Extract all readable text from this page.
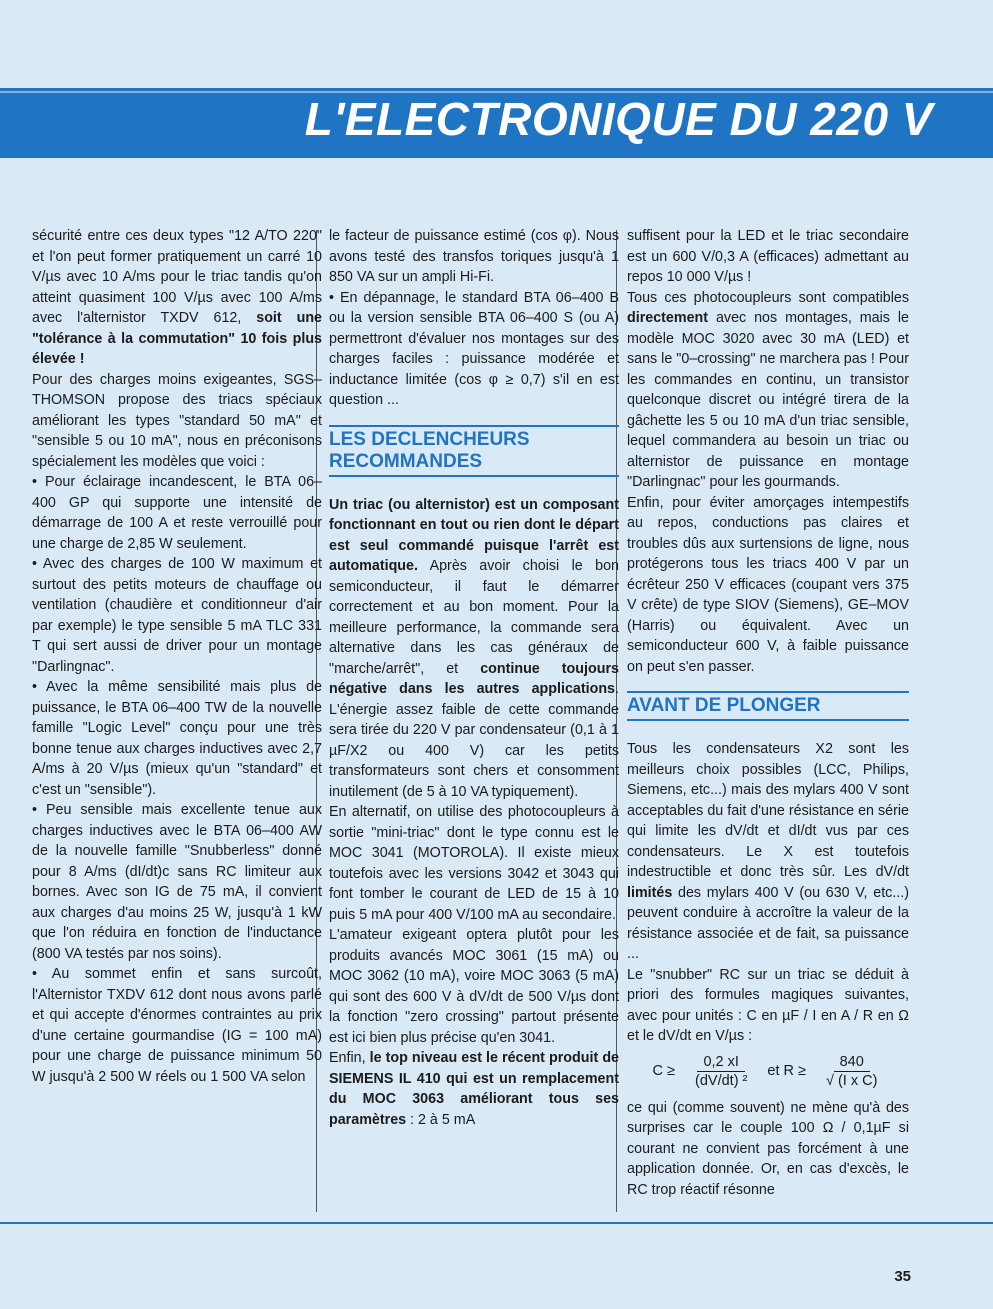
L'ELECTRONIQUE DU 220 V

sécurité entre ces deux types "12 A/TO 220" et l'on peut former pratiquement un carré 10 V/µs avec 10 A/ms pour le triac tandis qu'on atteint quasiment 100 V/µs avec 100 A/ms avec l'alternistor TXDV 612, soit une "tolérance à la commutation" 10 fois plus élevée !

Pour des charges moins exigeantes, SGS–THOMSON propose des triacs spéciaux améliorant les types "standard 50 mA" et "sensible 5 ou 10 mA", nous en préconisons spécialement les modèles que voici :

• Pour éclairage incandescent, le BTA 06–400 GP qui supporte une intensité de démarrage de 100 A et reste verrouillé pour une charge de 2,85 W seulement.

• Avec des charges de 100 W maximum et surtout des petits moteurs de chauffage ou ventilation (chaudière et conditionneur d'air par exemple) le type sensible 5 mA TLC 331 T qui sert aussi de driver pour un montage "Darlingnac".

• Avec la même sensibilité mais plus de puissance, le BTA 06–400 TW de la nouvelle famille "Logic Level" conçu pour une très bonne tenue aux charges inductives avec 2,7 A/ms à 20 V/µs (mieux qu'un "standard" et c'est un "sensible").

• Peu sensible mais excellente tenue aux charges inductives avec le BTA 06–400 AW de la nouvelle famille "Snubberless" donné pour 8 A/ms (dI/dt)c sans RC limiteur aux bornes. Avec son IG de 75 mA, il convient aux charges d'au moins 25 W, jusqu'à 1 kW que l'on réduira en fonction de l'inductance (800 VA testés par nos soins).

• Au sommet enfin et sans surcoût, l'Alternistor TXDV 612 dont nous avons parlé et qui accepte d'énormes contraintes au prix d'une certaine gourmandise (IG = 100 mA) pour une charge de puissance minimum 50 W jusqu'à 2 500 W réels ou 1 500 VA selon

le facteur de puissance estimé (cos φ). Nous avons testé des transfos toriques jusqu'à 1 850 VA sur un ampli Hi-Fi.

• En dépannage, le standard BTA 06–400 B ou la version sensible BTA 06–400 S (ou A) permettront d'évaluer nos montages sur des charges faciles : puissance modérée et inductance limitée (cos φ ≥ 0,7) s'il en est question ...

LES DECLENCHEURS RECOMMANDES

Un triac (ou alternistor) est un composant fonctionnant en tout ou rien dont le départ est seul commandé puisque l'arrêt est automatique. Après avoir choisi le bon semiconducteur, il faut le démarrer correctement et au bon moment. Pour la meilleure performance, la commande sera alternative dans les cas généraux de "marche/arrêt", et continue toujours négative dans les autres applications. L'énergie assez faible de cette commande sera tirée du 220 V par condensateur (0,1 à 1 µF/X2 ou 400 V) car les petits transformateurs sont chers et consomment inutilement (de 5 à 10 VA typiquement).

En alternatif, on utilise des photocoupleurs à sortie "mini-triac" dont le type connu est le MOC 3041 (MOTOROLA). Il existe mieux toutefois avec les versions 3042 et 3043 qui font tomber le courant de LED de 15 à 10 puis 5 mA pour 400 V/100 mA au secondaire.

L'amateur exigeant optera plutôt pour les produits avancés MOC 3061 (15 mA) ou MOC 3062 (10 mA), voire MOC 3063 (5 mA) qui sont des 600 V à dV/dt de 500 V/µs dont la fonction "zero crossing" partout présente est ici bien plus précise qu'en 3041.

Enfin, le top niveau est le récent produit de SIEMENS IL 410 qui est un remplacement du MOC 3063 améliorant tous ses paramètres : 2 à 5 mA

suffisent pour la LED et le triac secondaire est un 600 V/0,3 A (efficaces) admettant au repos 10 000 V/µs !

Tous ces photocoupleurs sont compatibles directement avec nos montages, mais le modèle MOC 3020 avec 30 mA (LED) et sans le "0–crossing" ne marchera pas ! Pour les commandes en continu, un transistor quelconque discret ou intégré tirera de la gâchette les 5 ou 10 mA d'un triac sensible, lequel commandera au besoin un triac ou alternistor de puissance en montage "Darlingnac" pour les gourmands.

Enfin, pour éviter amorçages intempestifs au repos, conductions pas claires et troubles dûs aux surtensions de ligne, nous protégerons tous les triacs 400 V par un écrêteur 250 V efficaces (coupant vers 375 V crête) de type SIOV (Siemens), GE–MOV (Harris) ou équivalent. Avec un semiconducteur 600 V, à faible puissance on peut s'en passer.

AVANT DE PLONGER

Tous les condensateurs X2 sont les meilleurs choix possibles (LCC, Philips, Siemens, etc...) mais des mylars 400 V sont acceptables du fait d'une résistance en série qui limite les dV/dt et dI/dt vus par ces condensateurs. Le X est toutefois indestructible et donc très sûr. Les dV/dt limités des mylars 400 V (ou 630 V, etc...) peuvent conduire à accroître la valeur de la résistance associée et de fait, sa puissance ...

Le "snubber" RC sur un triac se déduit à priori des formules magiques suivantes, avec pour unités : C en µF / I en A / R en Ω et le dV/dt en V/µs :

$C \ge \frac{0,2 xI}{\text{(dV/dt) ²}}$ et $R \ge \frac{840}{\text{√ (I x C)}}$

ce qui (comme souvent) ne mène qu'à des surprises car le couple 100 Ω / 0,1µF si courant ne convient pas forcément à une application donnée. Or, en cas d'excès, le RC trop réactif résonne

35
